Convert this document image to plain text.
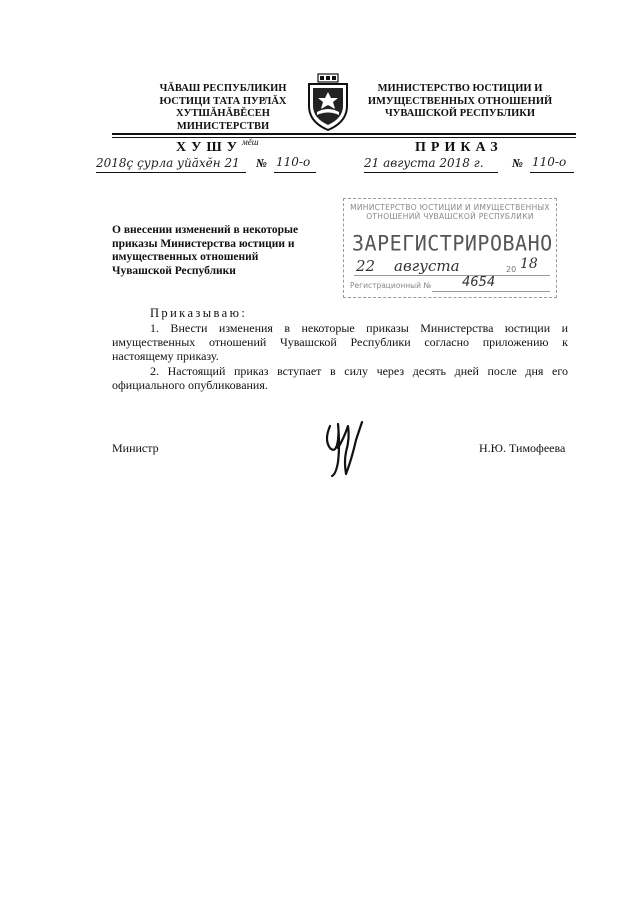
ЧĂВАШ РЕСПУБЛИКИН
ЮСТИЦИ ТАТА ПУРЛĂХ
ХУТШĂНĂВĔСЕН
МИНИСТЕРСТВИ
МИНИСТЕРСТВО ЮСТИЦИИ И
ИМУЩЕСТВЕННЫХ ОТНОШЕНИЙ
ЧУВАШСКОЙ РЕСПУБЛИКИ
$ХУШУ^{мĕш}$	ПРИКАЗ
2018ç çурла уйăхĕн 21 № 110-о	21 августа 2018 г. № 110-о
О внесении изменений в некоторые приказы Министерства юстиции и имущественных отношений Чувашской Республики
МИНИСТЕРСТВО ЮСТИЦИИ И ИМУЩЕСТВЕННЫХ ОТНОШЕНИЙ ЧУВАШСКОЙ РЕСПУБЛИКИ
ЗАРЕГИСТРИРОВАНО
22 августа	20 18
Регистрационный № 4654

Приказываю:

1. Внести изменения в некоторые приказы Министерства юстиции и имущественных отношений Чувашской Республики согласно приложению к настоящему приказу.

2. Настоящий приказ вступает в силу через десять дней после дня его официального опубликования.

Министр	Н.Ю. Тимофеева
